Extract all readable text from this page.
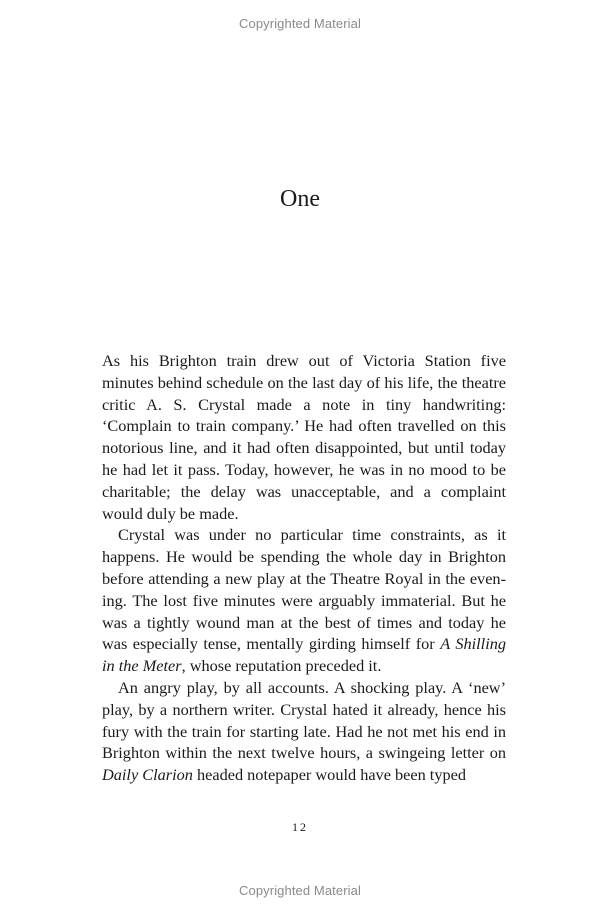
Copyrighted Material
One

As his Brighton train drew out of Victoria Station five minutes behind schedule on the last day of his life, the theatre critic A. S. Crystal made a note in tiny handwriting: ‘Complain to train company.’ He had often travelled on this notorious line, and it had often disappointed, but until today he had let it pass. Today, however, he was in no mood to be charitable; the delay was unacceptable, and a complaint would duly be made.

Crystal was under no particular time constraints, as it happens. He would be spending the whole day in Brighton before attending a new play at the Theatre Royal in the evening. The lost five minutes were arguably immaterial. But he was a tightly wound man at the best of times and today he was especially tense, mentally girding himself for A Shilling in the Meter, whose reputation preceded it.

An angry play, by all accounts. A shocking play. A ‘new’ play, by a northern writer. Crystal hated it already, hence his fury with the train for starting late. Had he not met his end in Brighton within the next twelve hours, a swingeing letter on Daily Clarion headed notepaper would have been typed

12
Copyrighted Material
